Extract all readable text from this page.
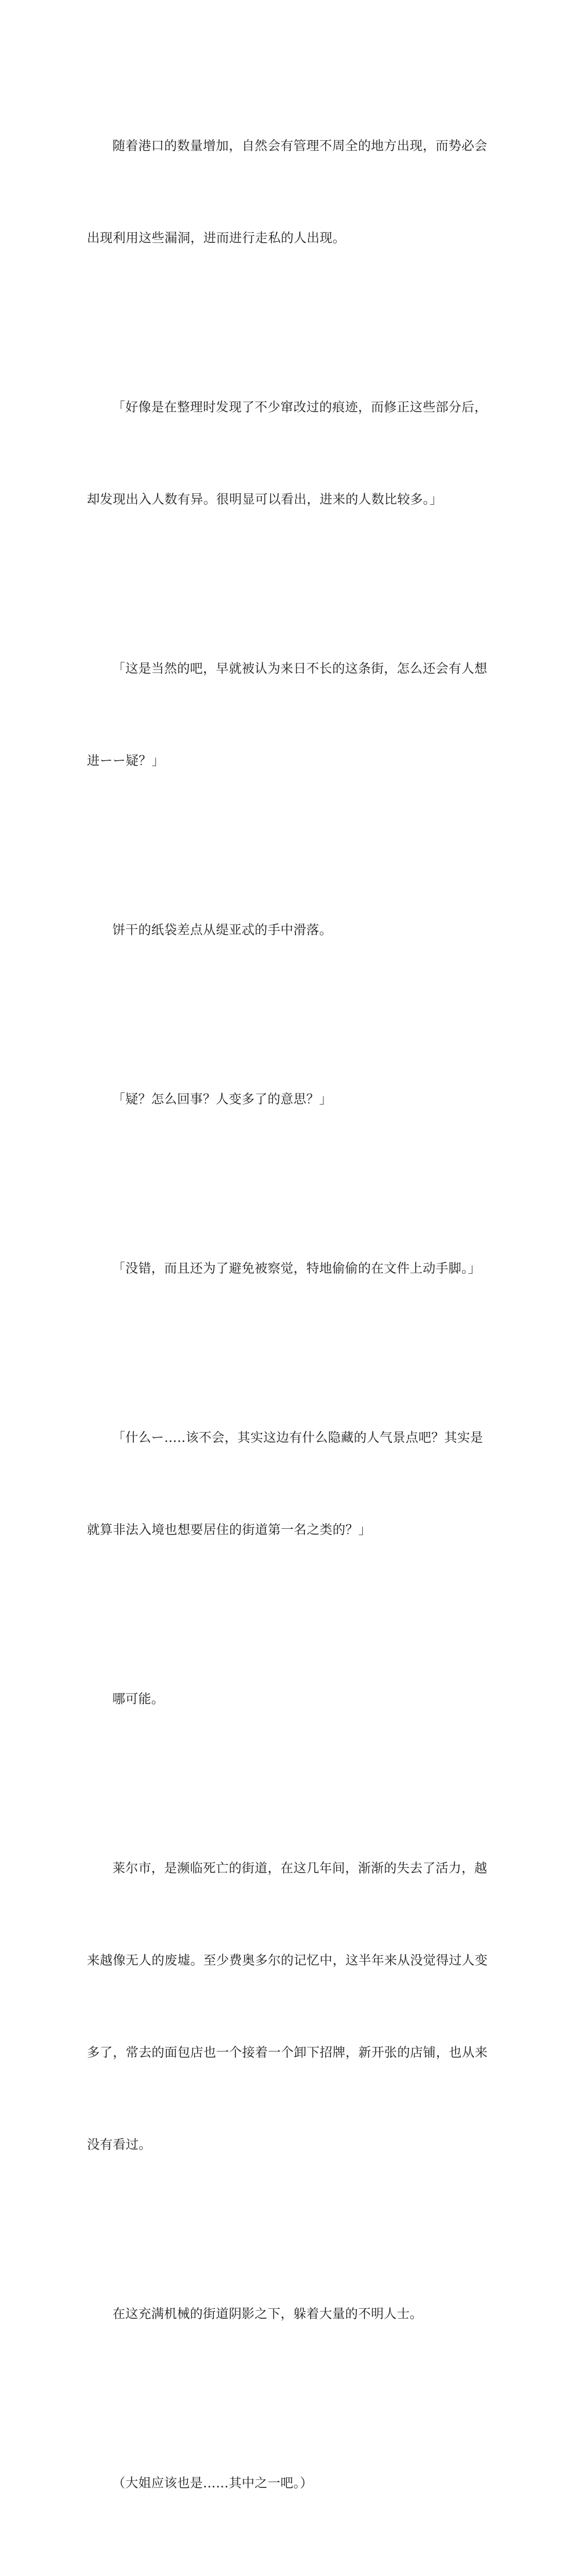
随着港口的数量增加，自然会有管理不周全的地方出现，而势必会

出现利用这些漏洞，进而进行走私的人出现。

「好像是在整理时发现了不少窜改过的痕迹，而修正这些部分后，

却发现出入人数有异。很明显可以看出，进来的人数比较多。」

「这是当然的吧，早就被认为来日不长的这条街，怎么还会有人想

进ーー疑？」

饼干的纸袋差点从缇亚忒的手中滑落。

「疑？怎么回事？人变多了的意思？」

「没错，而且还为了避免被察觉，特地偷偷的在文件上动手脚。」

「什么ー…‥该不会，其实这边有什么隐藏的人气景点吧？其实是

就算非法入境也想要居住的街道第一名之类的？」

哪可能。

莱尔市，是濒临死亡的街道，在这几年间，渐渐的失去了活力，越

来越像无人的废墟。至少费奥多尔的记忆中，这半年来从没觉得过人变

多了，常去的面包店也一个接着一个卸下招牌，新开张的店铺，也从来

没有看过。

在这充满机械的街道阴影之下，躲着大量的不明人士。

（大姐应该也是……其中之一吧。）
